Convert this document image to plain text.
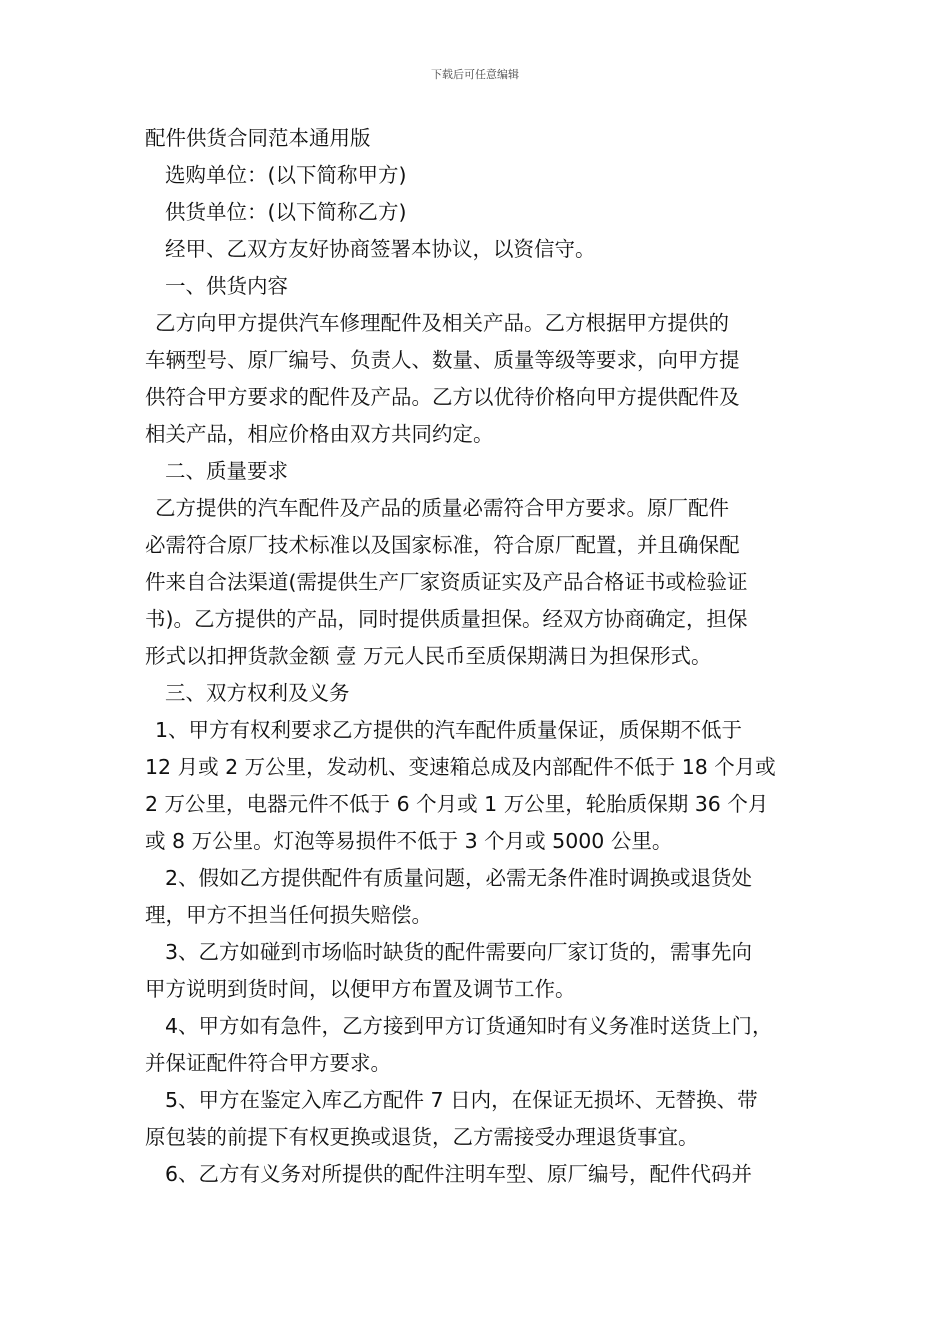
下载后可任意编辑

配件供货合同范本通用版

选购单位：(以下简称甲方)

供货单位：(以下简称乙方)

经甲、乙双方友好协商签署本协议，以资信守。

一、供货内容

乙方向甲方提供汽车修理配件及相关产品。乙方根据甲方提供的

车辆型号、原厂编号、负责人、数量、质量等级等要求，向甲方提

供符合甲方要求的配件及产品。乙方以优待价格向甲方提供配件及

相关产品，相应价格由双方共同约定。

二、质量要求

乙方提供的汽车配件及产品的质量必需符合甲方要求。原厂配件

必需符合原厂技术标准以及国家标准，符合原厂配置，并且确保配

件来自合法渠道(需提供生产厂家资质证实及产品合格证书或检验证

书)。乙方提供的产品，同时提供质量担保。经双方协商确定，担保

形式以扣押货款金额 壹 万元人民币至质保期满日为担保形式。

三、双方权利及义务

1、甲方有权利要求乙方提供的汽车配件质量保证，质保期不低于

12 月或 2 万公里，发动机、变速箱总成及内部配件不低于 18 个月或

2 万公里，电器元件不低于 6 个月或 1 万公里，轮胎质保期 36 个月

或 8 万公里。灯泡等易损件不低于 3 个月或 5000 公里。

2、假如乙方提供配件有质量问题，必需无条件准时调换或退货处

理，甲方不担当任何损失赔偿。

3、乙方如碰到市场临时缺货的配件需要向厂家订货的，需事先向

甲方说明到货时间，以便甲方布置及调节工作。

4、甲方如有急件，乙方接到甲方订货通知时有义务准时送货上门，

并保证配件符合甲方要求。

5、甲方在鉴定入库乙方配件 7 日内，在保证无损坏、无替换、带

原包装的前提下有权更换或退货，乙方需接受办理退货事宜。

6、乙方有义务对所提供的配件注明车型、原厂编号，配件代码并
